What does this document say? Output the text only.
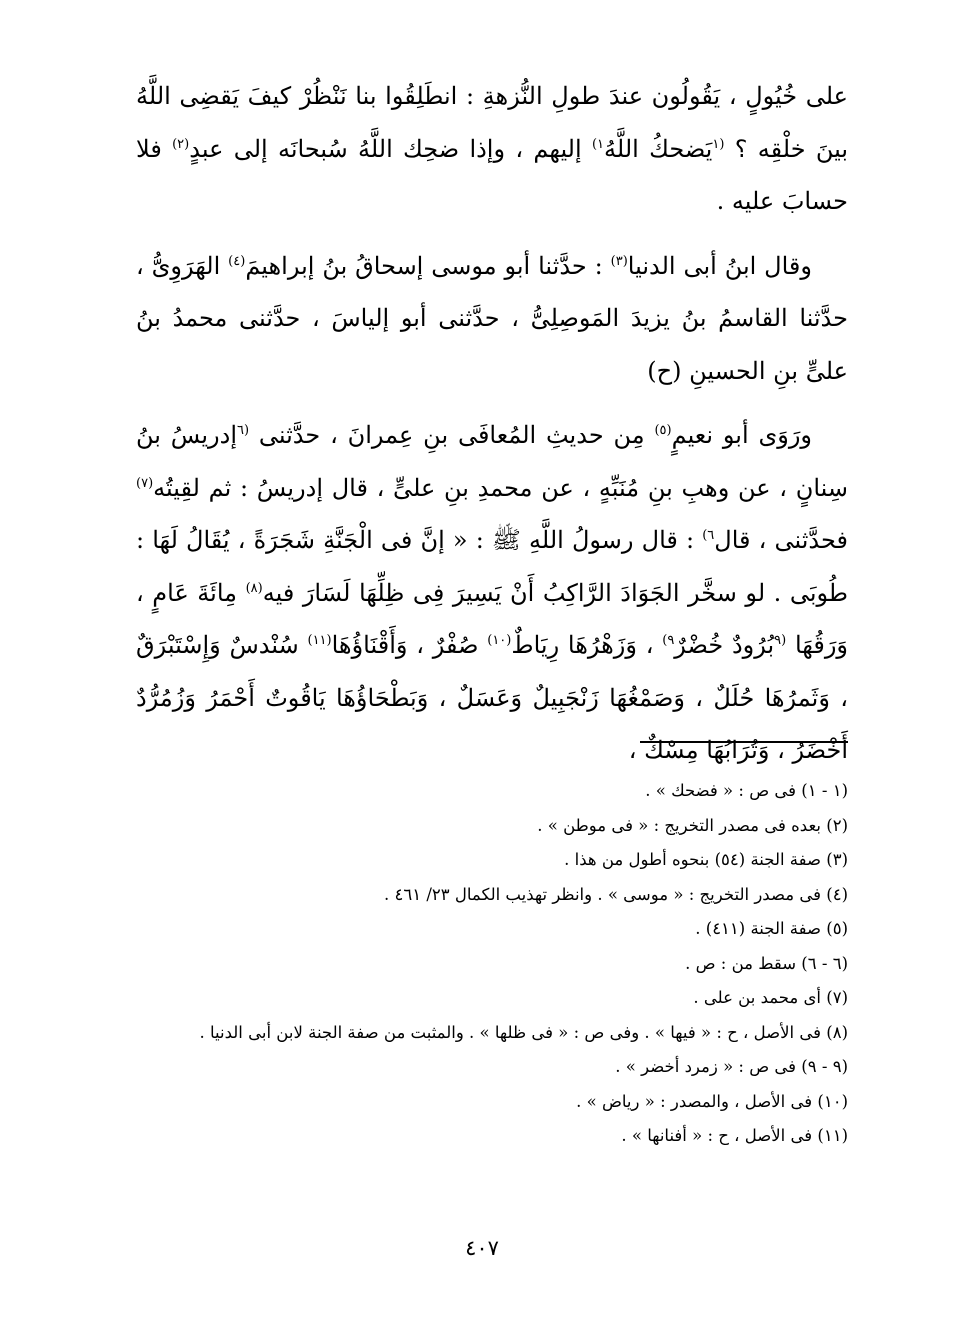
على خُيُولٍ ، يَقُولُون عندَ طولِ النُّزهةِ : انطَلِقُوا بنا نَنْظُرْ كيفَ يَقضِى اللَّهُ بينَ خلْقِه ؟ $^{(١}$يَضحكُ اللَّهُ$^{١)}$ إليهم ، وإذا ضحِك اللَّهُ سُبحانَه إلى عبدٍ$^{(٢)}$ فلا حسابَ عليه .

وقال ابنُ أبى الدنيا$^{(٣)}$ : حدَّثنا أبو موسى إسحاقُ بنُ إبراهيمَ$^{(٤)}$ الهَرَوِىُّ ، حدَّثنا القاسمُ بنُ يزيدَ المَوصِلِىُّ ، حدَّثنى أبو إلياسَ ، حدَّثنى محمدُ بنُ علىٍّ بنِ الحسينِ (ح)

ورَوَى أبو نعيمٍ$^{(٥)}$ مِن حديثِ المُعافَى بنِ عِمرانَ ، حدَّثنى $^{(٦}$إدريسُ بنُ سِنانٍ ، عن وهبِ بنِ مُنَبِّهٍ ، عن محمدِ بنِ علىٍّ ، قال إدريسُ : ثم لقِيتُه$^{(٧)}$ فحدَّثنى ، قال$^{٦)}$ : قال رسولُ اللَّهِ ﷺ : « إنَّ فى الْجَنَّةِ شَجَرَةً ، يُقَالُ لَهَا : طُوبَى . لو سخَّر الجَوَادَ الرَّاكِبُ أَنْ يَسِيرَ فِى ظِلِّهَا لَسَارَ فيه$^{(٨)}$ مِائَةَ عَامٍ ، وَرَقُهَا $^{(٩}$بُرُودٌ خُضْرٌ$^{٩)}$ ، وَزَهْرُهَا رِيَاطٌ$^{(١٠)}$ صُفْرٌ ، وَأَقْنَاؤُهَا$^{(١١)}$ سُنْدسٌ وَإِسْتَبْرَقٌ ، وَثَمرُهَا حُلَلٌ ، وَصَمْغُهَا زَنْجَبِيلٌ وَعَسَلٌ ، وَبَطْحَاؤُهَا يَاقُوتٌ أَحْمَرُ وَزُمُرُّدٌ أَخْضَرُ ، وَتُرَابُهَا مِسْكٌ ،

(١ - ١) فى ص : « فضحك » .
(٢) بعده فى مصدر التخريج : « فى موطن » .
(٣) صفة الجنة (٥٤) بنحوه أطول من هذا .
(٤) فى مصدر التخريج : « موسى » . وانظر تهذيب الكمال ٢٣/ ٤٦١ .
(٥) صفة الجنة (٤١١) .
(٦ - ٦) سقط من : ص .
(٧) أى محمد بن على .
(٨) فى الأصل ، ح : « فيها » . وفى ص : « فى ظلها » . والمثبت من صفة الجنة لابن أبى الدنيا .
(٩ - ٩) فى ص : « زمرد أخضر » .
(١٠) فى الأصل ، والمصدر : « رياض » .
(١١) فى الأصل ، ح : « أفنانها » .
٤٠٧
